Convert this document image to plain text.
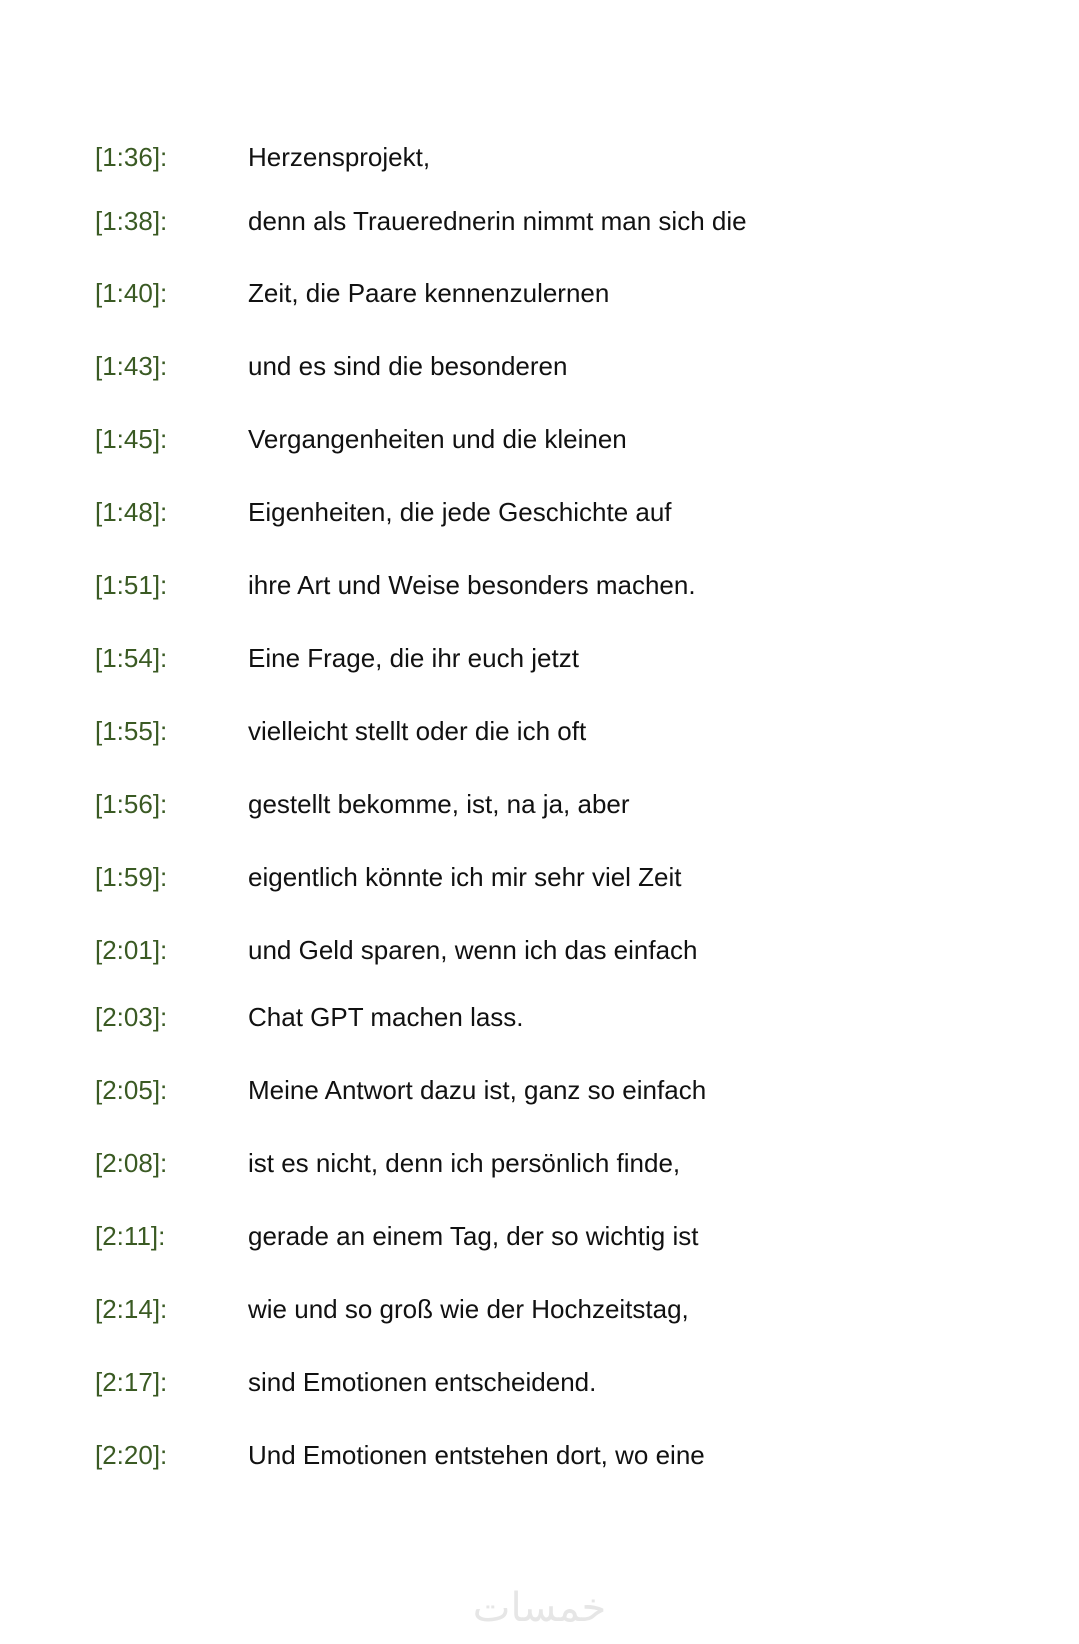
[1:36]:	Herzensprojekt,
[1:38]:	denn als Trauerednerin nimmt man sich die
[1:40]:	Zeit, die Paare kennenzulernen
[1:43]:	und es sind die besonderen
[1:45]:	Vergangenheiten und die kleinen
[1:48]:	Eigenheiten, die jede Geschichte auf
[1:51]:	ihre Art und Weise besonders machen.
[1:54]:	Eine Frage, die ihr euch jetzt
[1:55]:	vielleicht stellt oder die ich oft
[1:56]:	gestellt bekomme, ist, na ja, aber
[1:59]:	eigentlich könnte ich mir sehr viel Zeit
[2:01]:	und Geld sparen, wenn ich das einfach
[2:03]:	Chat GPT machen lass.
[2:05]:	Meine Antwort dazu ist, ganz so einfach
[2:08]:	ist es nicht, denn ich persönlich finde,
[2:11]:	gerade an einem Tag, der so wichtig ist
[2:14]:	wie und so groß wie der Hochzeitstag,
[2:17]:	sind Emotionen entscheidend.
[2:20]:	Und Emotionen entstehen dort, wo eine
خمسات
